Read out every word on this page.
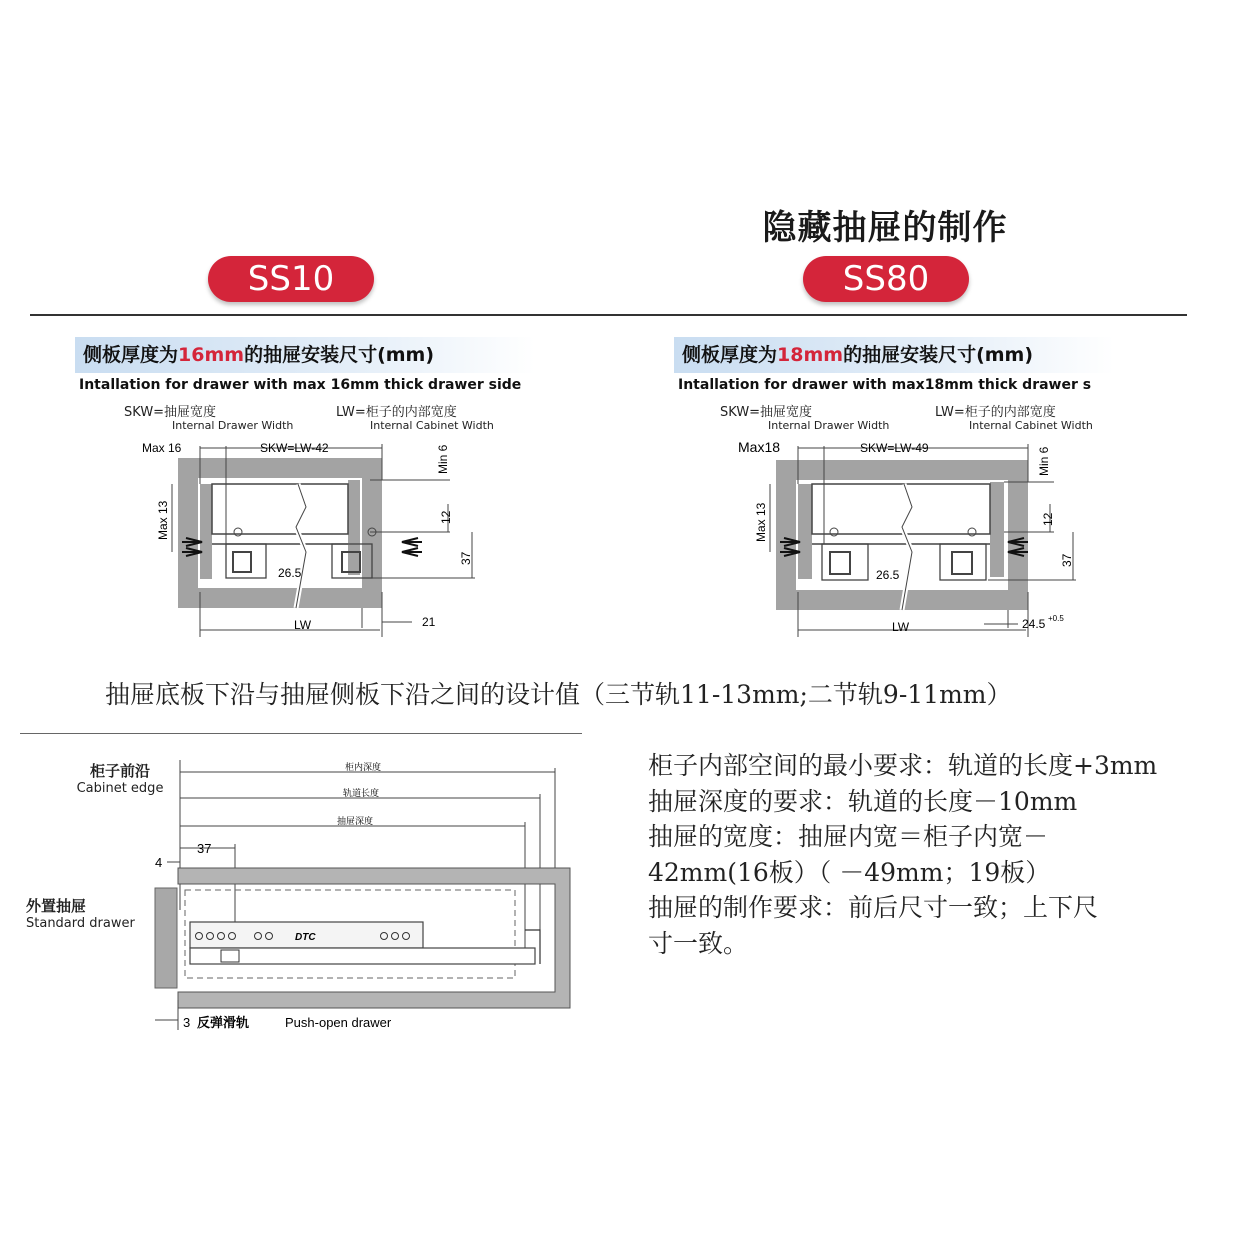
隐藏抽屉的制作
SS10	SS80
侧板厚度为16mm的抽屉安装尺寸(mm)
Intallation for drawer with max 16mm thick drawer side
SKW=抽屉宽度
Internal Drawer Width
LW=柜子的内部宽度
Internal Cabinet Width
Max 16	SKW=LW-42	Min 6
Max 13	12
37
26.5
LW	21
侧板厚度为18mm的抽屉安装尺寸(mm)
Intallation for drawer with max18mm thick drawer s
SKW=抽屉宽度
Internal Drawer Width
LW=柜子的内部宽度
Internal Cabinet Width
Max18	SKW=LW-49	Min 6
Max 13	12
37
26.5
LW	24.5 +0.5
抽屉底板下沿与抽屉侧板下沿之间的设计值（三节轨11-13mm;二节轨9-11mm）
柜子前沿
Cabinet edge
外置抽屉
Standard drawer
柜内深度
轨道长度
抽屉深度
37
4
DTC
3 反弹滑轨	Push-open drawer

柜子内部空间的最小要求：轨道的长度+3mm

抽屉深度的要求：轨道的长度－10mm

抽屉的宽度：抽屉内宽＝柜子内宽－

42mm(16板）（ －49mm；19板）

抽屉的制作要求：前后尺寸一致；上下尺

寸一致。
